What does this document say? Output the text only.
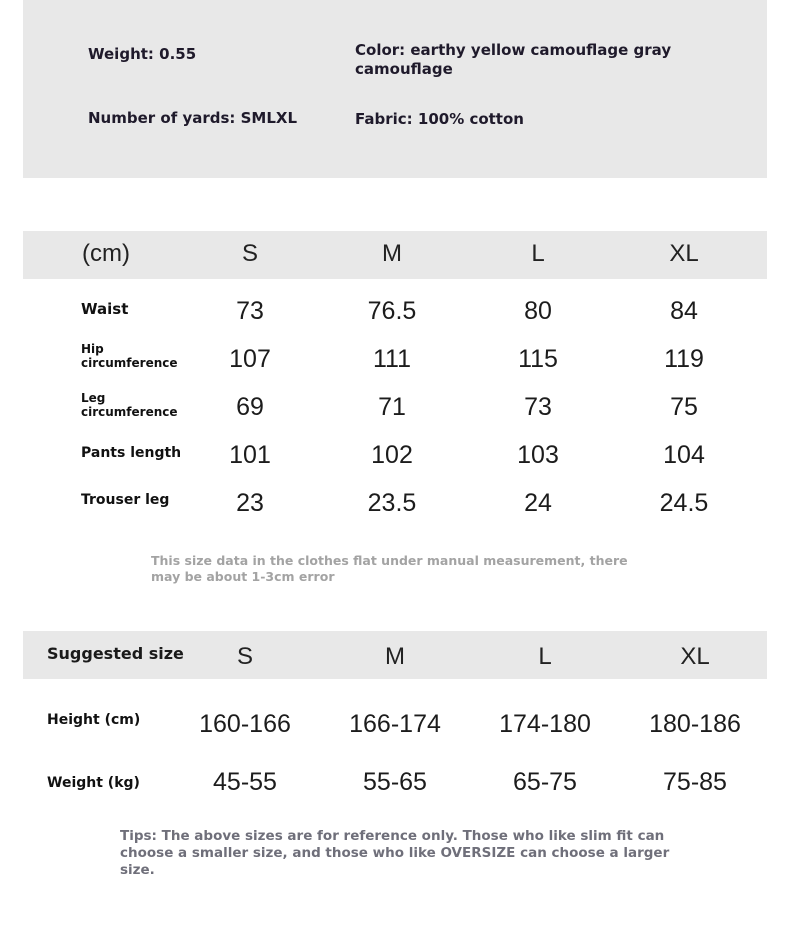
Weight: 0.55	Color: earthy yellow camouflage gray camouflage

Number of yards: SMLXL	Fabric: 100% cotton

(cm)	S	M	L	XL

Waist	73	76.5	80	84

Hip circumference	107	111	115	119

Leg circumference	69	71	73	75

Pants length	101	102	103	104

Trouser leg	23	23.5	24	24.5

This size data in the clothes flat under manual measurement, there may be about 1-3cm error

Suggested size	S	M	L	XL

Height (cm)	160-166	166-174	174-180	180-186

Weight (kg)	45-55	55-65	65-75	75-85

Tips: The above sizes are for reference only. Those who like slim fit can choose a smaller size, and those who like OVERSIZE can choose a larger size.
